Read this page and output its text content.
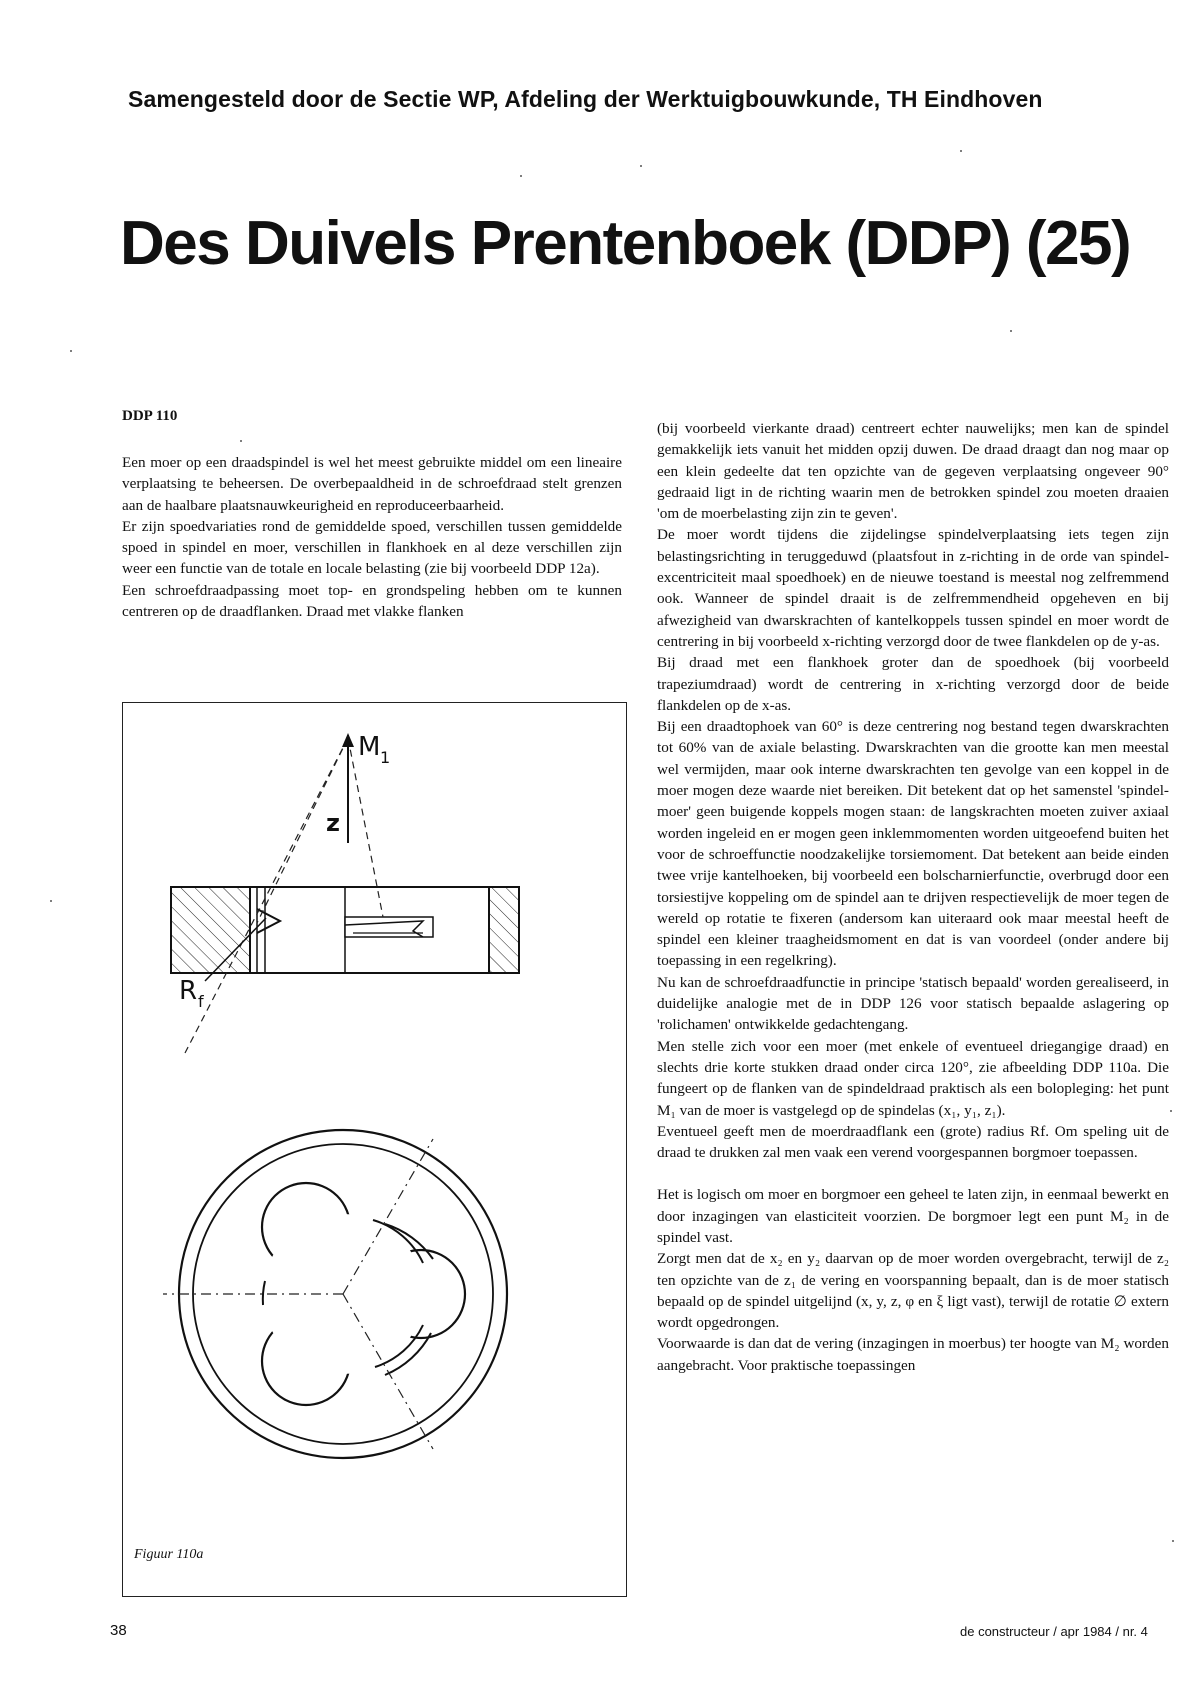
Samengesteld door de Sectie WP, Afdeling der Werktuigbouwkunde, TH Eindhoven
Des Duivels Prentenboek (DDP) (25)
DDP 110

Een moer op een draadspindel is wel het meest gebruikte middel om een lineaire verplaatsing te beheersen. De overbepaaldheid in de schroefdraad stelt grenzen aan de haalbare plaatsnauwkeurigheid en reproduceerbaarheid.

Er zijn spoedvariaties rond de gemiddelde spoed, verschillen tussen gemiddelde spoed in spindel en moer, verschillen in flankhoek en al deze verschillen zijn weer een functie van de totale en locale belasting (zie bij voorbeeld DDP 12a).

Een schroefdraadpassing moet top- en grondspeling hebben om te kunnen centreren op de draadflanken. Draad met vlakke flanken

M 1
z
R f
Figuur 110a

(bij voorbeeld vierkante draad) centreert echter nauwelijks; men kan de spindel gemakkelijk iets vanuit het midden opzij duwen. De draad draagt dan nog maar op een klein gedeelte dat ten opzichte van de gegeven verplaatsing ongeveer 90° gedraaid ligt in de richting waarin men de betrokken spindel zou moeten draaien 'om de moerbelasting zijn zin te geven'.

De moer wordt tijdens die zijdelingse spindelverplaatsing iets tegen zijn belastingsrichting in teruggeduwd (plaatsfout in z-richting in de orde van spindel-excentriciteit maal spoedhoek) en de nieuwe toestand is meestal nog zelfremmend ook. Wanneer de spindel draait is de zelfremmendheid opgeheven en bij afwezigheid van dwarskrachten of kantelkoppels tussen spindel en moer wordt de centrering in bij voorbeeld x-richting verzorgd door de twee flankdelen op de y-as.

Bij draad met een flankhoek groter dan de spoedhoek (bij voorbeeld trapeziumdraad) wordt de centrering in x-richting verzorgd door de beide flankdelen op de x-as.

Bij een draadtophoek van 60° is deze centrering nog bestand tegen dwarskrachten tot 60% van de axiale belasting. Dwarskrachten van die grootte kan men meestal wel vermijden, maar ook interne dwarskrachten ten gevolge van een koppel in de moer mogen deze waarde niet bereiken. Dit betekent dat op het samenstel 'spindel-moer' geen buigende koppels mogen staan: de langskrachten moeten zuiver axiaal worden ingeleid en er mogen geen inklemmomenten worden uitgeoefend buiten het voor de schroeffunctie noodzakelijke torsiemoment. Dat betekent aan beide einden twee vrije kantelhoeken, bij voorbeeld een bolscharnierfunctie, overbrugd door een torsiestijve koppeling om de spindel aan te drijven respectievelijk de moer tegen de wereld op rotatie te fixeren (andersom kan uiteraard ook maar meestal heeft de spindel een kleiner traagheidsmoment en dat is van voordeel (onder andere bij toepassing in een regelkring).

Nu kan de schroefdraadfunctie in principe 'statisch bepaald' worden gerealiseerd, in duidelijke analogie met de in DDP 126 voor statisch bepaalde aslagering op 'rolichamen' ontwikkelde gedachtengang.

Men stelle zich voor een moer (met enkele of eventueel driegangige draad) en slechts drie korte stukken draad onder circa 120°, zie afbeelding DDP 110a. Die fungeert op de flanken van de spindeldraad praktisch als een bolopleging: het punt M₁ van de moer is vastgelegd op de spindelas (x₁, y₁, z₁).

Eventueel geeft men de moerdraadflank een (grote) radius Rf. Om speling uit de draad te drukken zal men vaak een verend voorgespannen borgmoer toepassen.

Het is logisch om moer en borgmoer een geheel te laten zijn, in eenmaal bewerkt en door inzagingen van elasticiteit voorzien. De borgmoer legt een punt M₂ in de spindel vast.

Zorgt men dat de x₂ en y₂ daarvan op de moer worden overgebracht, terwijl de z₂ ten opzichte van de z₁ de vering en voorspanning bepaalt, dan is de moer statisch bepaald op de spindel uitgelijnd (x, y, z, φ en ξ ligt vast), terwijl de rotatie ∅ extern wordt opgedrongen.

Voorwaarde is dan dat de vering (inzagingen in moerbus) ter hoogte van M₂ worden aangebracht. Voor praktische toepassingen

38	de constructeur / apr 1984 / nr. 4
